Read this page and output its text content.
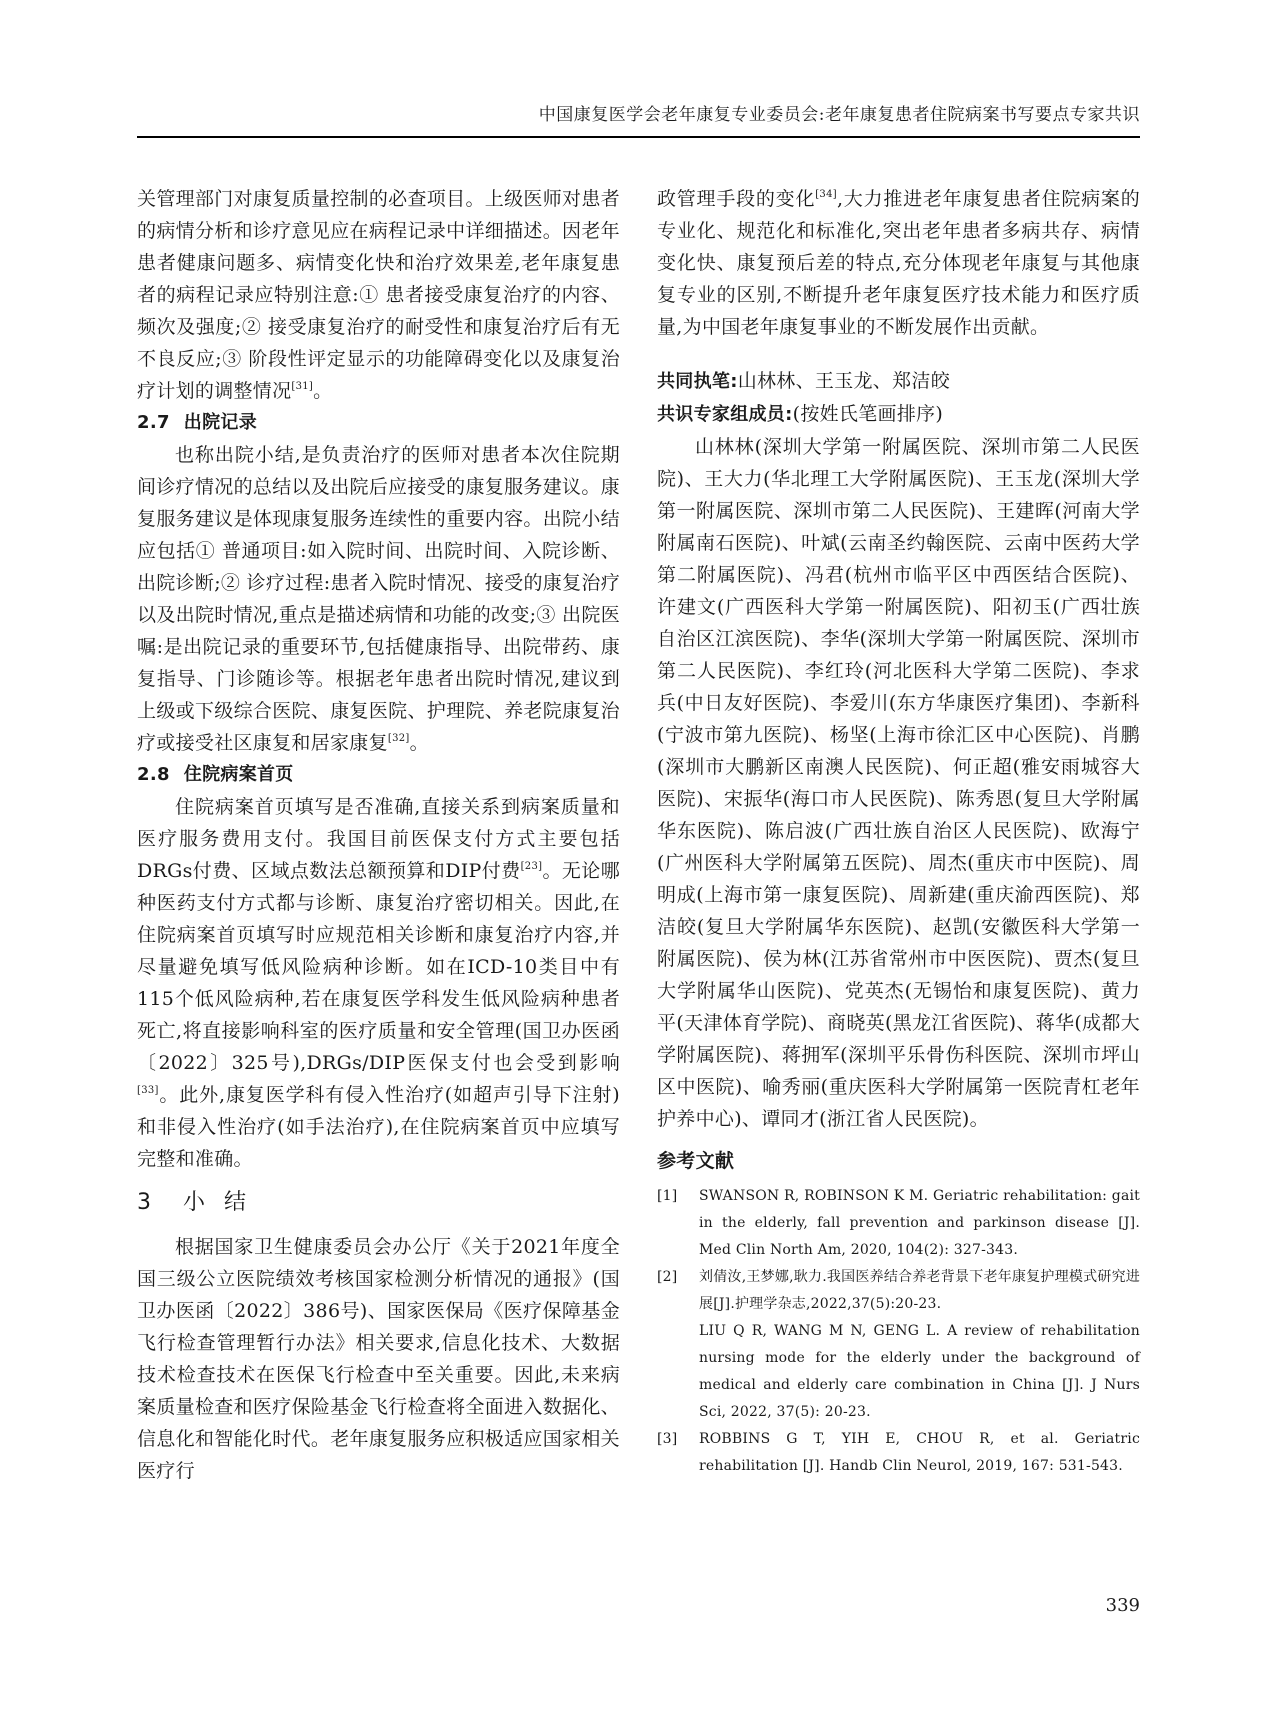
中国康复医学会老年康复专业委员会:老年康复患者住院病案书写要点专家共识

关管理部门对康复质量控制的必查项目。上级医师对患者的病情分析和诊疗意见应在病程记录中详细描述。因老年患者健康问题多、病情变化快和治疗效果差,老年康复患者的病程记录应特别注意:① 患者接受康复治疗的内容、频次及强度;② 接受康复治疗的耐受性和康复治疗后有无不良反应;③ 阶段性评定显示的功能障碍变化以及康复治疗计划的调整情况[31]。

2.7 出院记录

也称出院小结,是负责治疗的医师对患者本次住院期间诊疗情况的总结以及出院后应接受的康复服务建议。康复服务建议是体现康复服务连续性的重要内容。出院小结应包括① 普通项目:如入院时间、出院时间、入院诊断、出院诊断;② 诊疗过程:患者入院时情况、接受的康复治疗以及出院时情况,重点是描述病情和功能的改变;③ 出院医嘱:是出院记录的重要环节,包括健康指导、出院带药、康复指导、门诊随诊等。根据老年患者出院时情况,建议到上级或下级综合医院、康复医院、护理院、养老院康复治疗或接受社区康复和居家康复[32]。

2.8 住院病案首页

住院病案首页填写是否准确,直接关系到病案质量和医疗服务费用支付。我国目前医保支付方式主要包括DRGs付费、区域点数法总额预算和DIP付费[23]。无论哪种医药支付方式都与诊断、康复治疗密切相关。因此,在住院病案首页填写时应规范相关诊断和康复治疗内容,并尽量避免填写低风险病种诊断。如在ICD-10类目中有115个低风险病种,若在康复医学科发生低风险病种患者死亡,将直接影响科室的医疗质量和安全管理(国卫办医函〔2022〕325号),DRGs/DIP医保支付也会受到影响[33]。此外,康复医学科有侵入性治疗(如超声引导下注射)和非侵入性治疗(如手法治疗),在住院病案首页中应填写完整和准确。

3 小 结

根据国家卫生健康委员会办公厅《关于2021年度全国三级公立医院绩效考核国家检测分析情况的通报》(国卫办医函〔2022〕386号)、国家医保局《医疗保障基金飞行检查管理暂行办法》相关要求,信息化技术、大数据技术检查技术在医保飞行检查中至关重要。因此,未来病案质量检查和医疗保险基金飞行检查将全面进入数据化、信息化和智能化时代。老年康复服务应积极适应国家相关医疗行

政管理手段的变化[34],大力推进老年康复患者住院病案的专业化、规范化和标准化,突出老年患者多病共存、病情变化快、康复预后差的特点,充分体现老年康复与其他康复专业的区别,不断提升老年康复医疗技术能力和医疗质量,为中国老年康复事业的不断发展作出贡献。

共同执笔:山林林、王玉龙、郑洁皎

共识专家组成员:(按姓氏笔画排序)

山林林(深圳大学第一附属医院、深圳市第二人民医院)、王大力(华北理工大学附属医院)、王玉龙(深圳大学第一附属医院、深圳市第二人民医院)、王建晖(河南大学附属南石医院)、叶斌(云南圣约翰医院、云南中医药大学第二附属医院)、冯君(杭州市临平区中西医结合医院)、许建文(广西医科大学第一附属医院)、阳初玉(广西壮族自治区江滨医院)、李华(深圳大学第一附属医院、深圳市第二人民医院)、李红玲(河北医科大学第二医院)、李求兵(中日友好医院)、李爱川(东方华康医疗集团)、李新科(宁波市第九医院)、杨坚(上海市徐汇区中心医院)、肖鹏(深圳市大鹏新区南澳人民医院)、何正超(雅安雨城容大医院)、宋振华(海口市人民医院)、陈秀恩(复旦大学附属华东医院)、陈启波(广西壮族自治区人民医院)、欧海宁(广州医科大学附属第五医院)、周杰(重庆市中医院)、周明成(上海市第一康复医院)、周新建(重庆渝西医院)、郑洁皎(复旦大学附属华东医院)、赵凯(安徽医科大学第一附属医院)、侯为林(江苏省常州市中医医院)、贾杰(复旦大学附属华山医院)、党英杰(无锡怡和康复医院)、黄力平(天津体育学院)、商晓英(黑龙江省医院)、蒋华(成都大学附属医院)、蒋拥军(深圳平乐骨伤科医院、深圳市坪山区中医院)、喻秀丽(重庆医科大学附属第一医院青杠老年护养中心)、谭同才(浙江省人民医院)。

参考文献
[1]	SWANSON R, ROBINSON K M. Geriatric rehabilitation: gait in the elderly, fall prevention and parkinson disease [J]. Med Clin North Am, 2020, 104(2): 327-343.
[2]	刘倩汝,王梦娜,耿力.我国医养结合养老背景下老年康复护理模式研究进展[J].护理学杂志,2022,37(5):20-23.
LIU Q R, WANG M N, GENG L. A review of rehabilitation nursing mode for the elderly under the background of medical and elderly care combination in China [J]. J Nurs Sci, 2022, 37(5): 20-23.
[3]	ROBBINS G T, YIH E, CHOU R, et al. Geriatric rehabilitation [J]. Handb Clin Neurol, 2019, 167: 531-543.
339
